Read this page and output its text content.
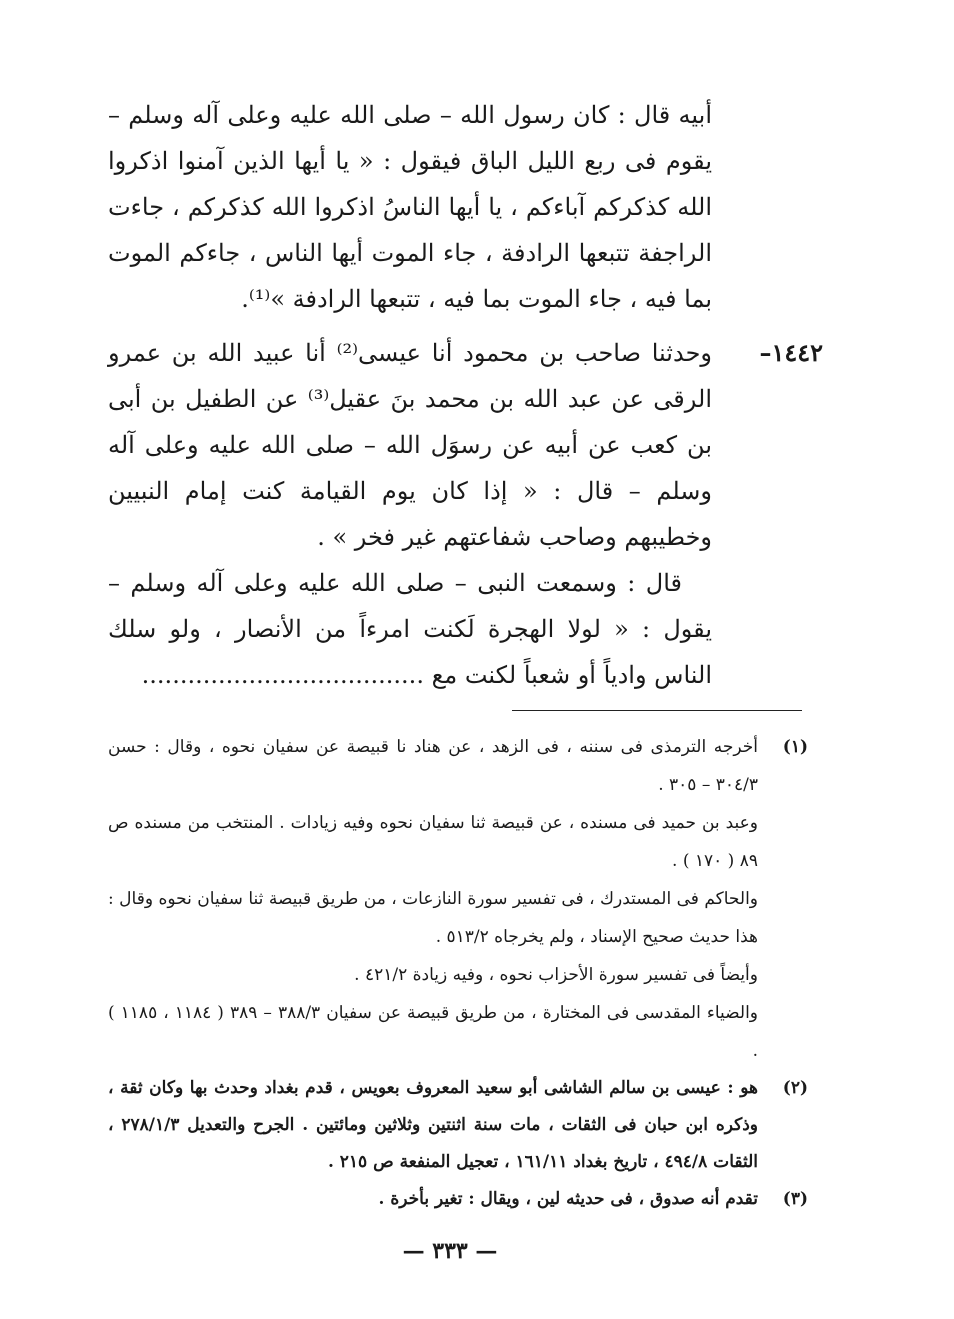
أبيه قال : كان رسول الله – صلى الله عليه وعلى آله وسلم – يقوم فى ربع الليل الباق فيقول : « يا أيها الذين آمنوا اذكروا الله كذكركم آباءكم ، يا أيها الناسُ اذكروا الله كذكركم ، جاءت الراجفة تتبعها الرادفة ، جاء الموت أيها الناس ، جاءكم الموت بما فيه ، جاء الموت بما فيه ، تتبعها الرادفة »⁽¹⁾.

١٤٤٢–

وحدثنا صاحب بن محمود أنا عيسى⁽²⁾ أنا عبيد الله بن عمرو الرقى عن عبد الله بن محمد بنَ عقيل⁽³⁾ عن الطفيل بن أبى بن كعب عن أبيه عن رسوَل الله – صلى الله عليه وعلى آله وسلم – قال : « إذا كان يوم القيامة كنت إمام النبيين وخطيبهم وصاحب شفاعتهم غير فخر » .

قال : وسمعت النبى – صلى الله عليه وعلى آله وسلم – يقول : « لولا الهجرة لَكنت امرءاً من الأنصار ، ولو سلك الناس وادياً أو شعباً لكنت مع .....................................

(١)

أخرجه الترمذى فى سننه ، فى الزهد ، عن هناد نا قبيصة عن سفيان نحوه ، وقال : حسن ٣٠٤/٣ – ٣٠٥ .

وعبد بن حميد فى مسنده ، عن قبيصة ثنا سفيان نحوه وفيه زيادات . المنتخب من مسنده ص ٨٩ ( ١٧٠ ) .

والحاكم فى المستدرك ، فى تفسير سورة النازعات ، من طريق قبيصة ثنا سفيان نحوه وقال : هذا حديث صحيح الإسناد ، ولم يخرجاه ٥١٣/٢ .

وأيضاً فى تفسير سورة الأحزاب نحوه ، وفيه زيادة ٤٢١/٢ .

والضياء المقدسى فى المختارة ، من طريق قبيصة عن سفيان ٣٨٨/٣ – ٣٨٩ ( ١١٨٤ ، ١١٨٥ ) .

(٢)

هو : عيسى بن سالم الشاشى أبو سعيد المعروف بعويس ، قدم بغداد وحدث بها وكان ثقة ، وذكره ابن حبان فى الثقات ، مات سنة اثنتين وثلاثين ومائتين . الجرح والتعديل ٢٧٨/١/٣ ، الثقات ٤٩٤/٨ ، تاريخ بغداد ١٦١/١١ ، تعجيل المنفعة ص ٢١٥ .

(٣)

تقدم أنه صدوق ، فى حديثه لين ، ويقال : تغير بأخرة .

— ٣٣٣ —
